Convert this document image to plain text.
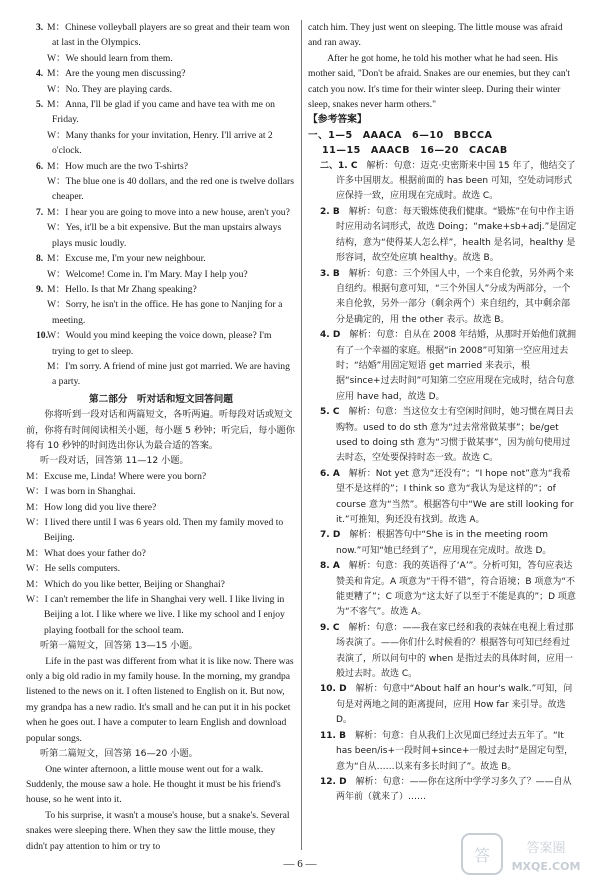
3. M：Chinese volleyball players are so great and their team won at last in the Olympics.

W：We should learn from them.

4. M：Are the young men discussing?

W：No. They are playing cards.

5. M：Anna, I'll be glad if you came and have tea with me on Friday.

W：Many thanks for your invitation, Henry. I'll arrive at 2 o'clock.

6. M：How much are the two T-shirts?

W：The blue one is 40 dollars, and the red one is twelve dollars cheaper.

7. M：I hear you are going to move into a new house, aren't you?

W：Yes, it'll be a bit expensive. But the man upstairs always plays music loudly.

8. M：Excuse me, I'm your new neighbour.

W：Welcome! Come in. I'm Mary. May I help you?

9. M：Hello. Is that Mr Zhang speaking?

W：Sorry, he isn't in the office. He has gone to Nanjing for a meeting.

10.W：Would you mind keeping the voice down, please? I'm trying to get to sleep.

M：I'm sorry. A friend of mine just got married. We are having a party.

第二部分　听对话和短文回答问题

你将听到一段对话和两篇短文，各听两遍。听每段对话或短文前，你将有时间阅读相关小题，每小题 5 秒钟；听完后，每小题你将有 10 秒钟的时间选出你认为最合适的答案。

听一段对话，回答第 11—12 小题。

M：Excuse me, Linda! Where were you born?

W：I was born in Shanghai.

M：How long did you live there?

W：I lived there until I was 6 years old. Then my family moved to Beijing.

M：What does your father do?

W：He sells computers.

M：Which do you like better, Beijing or Shanghai?

W：I can't remember the life in Shanghai very well. I like living in Beijing a lot. I like where we live. I like my school and I enjoy playing football for the school team.

听第一篇短文，回答第 13—15 小题。

Life in the past was different from what it is like now. There was only a big old radio in my family house. In the morning, my grandpa listened to the news on it. I often listened to English on it. But now, my grandpa has a new radio. It's small and he can put it in his pocket when he goes out. I have a computer to learn English and download popular songs.

听第二篇短文，回答第 16—20 小题。

One winter afternoon, a little mouse went out for a walk. Suddenly, the mouse saw a hole. He thought it must be his friend's house, so he went into it.

To his surprise, it wasn't a mouse's house, but a snake's. Several snakes were sleeping there. When they saw the little mouse, they didn't pay attention to him or try to

catch him. They just went on sleeping. The little mouse was afraid and ran away.

After he got home, he told his mother what he had seen. His mother said, "Don't be afraid. Snakes are our enemies, but they can't catch you now. It's time for their winter sleep. During their winter sleep, snakes never harm others."

【参考答案】

一、1—5　AAACA　6—10　BBCCA

11—15　AAACB　16—20　CACAB

二、1. C　 解析：句意：迈克·史密斯来中国 15 年了，他结交了许多中国朋友。根据前面的 has been 可知，空处动词形式应保持一致，应用现在完成时。故选 C。

2. B　 解析：句意：每天锻炼使我们健康。“锻炼”在句中作主语时应用动名词形式，故选 Doing；“make+sb+adj.”是固定结构，意为“使得某人怎么样”，health 是名词，healthy 是形容词，故空处应填 healthy。故选 B。

3. B　 解析：句意：三个外国人中，一个来自伦敦，另外两个来自纽约。根据句意可知，“三个外国人”分成为两部分，一个来自伦敦，另外一部分（剩余两个）来自纽约，其中剩余部分是确定的，用 the other 表示。故选 B。

4. D　 解析：句意：自从在 2008 年结婚，从那时开始他们就拥有了一个幸福的家庭。根据“in 2008”可知第一空应用过去时；“结婚”用固定短语 get married 来表示，根据“since+过去时间”可知第二空应用现在完成时，结合句意应用 have had，故选 D。

5. C　 解析：句意：当这位女士有空闲时间时，她习惯在周日去购物。used to do sth 意为“过去常常做某事”；be/get used to doing sth 意为“习惯于做某事”，因为前句使用过去时态，空处要保持时态一致。故选 C。

6. A　 解析：Not yet 意为“还没有”；“I hope not”意为“我希望不是这样的”；I think so 意为“我认为是这样的”；of course 意为“当然”。根据答句中“We are still looking for it.”可推知，狗还没有找到。故选 A。

7. D　 解析：根据答句中“She is in the meeting room now.”可知“她已经到了”，应用现在完成时。故选 D。

8. A　 解析：句意：我的英语得了‘A’”。分析可知，答句应表达赞美和肯定。A 项意为“干得不错”，符合语境；B 项意为“不能更糟了”；C 项意为“这太好了以至于不能是真的”；D 项意为“不客气”。故选 A。

9. C　 解析：句意：——我在家已经和我的表妹在电视上看过那场表演了。——你们什么时候看的？根据答句可知已经看过表演了，所以问句中的 when 是指过去的具体时间，应用一般过去时。故选 C。

10. D　 解析：句意中“About half an hour's walk.”可知，问句是对两地之间的距离提问，应用 How far 来引导。故选 D。

11. B　 解析：句意：自从我们上次见面已经过去五年了。“It has been/is+一段时间+since+一般过去时”是固定句型，意为“自从……以来有多长时间了”。故选 B。

12. D　 解析：句意：——你在这所中学学习多久了？——自从两年前（就来了）……

— 6 —	答	答案圈
MXQE.COM
